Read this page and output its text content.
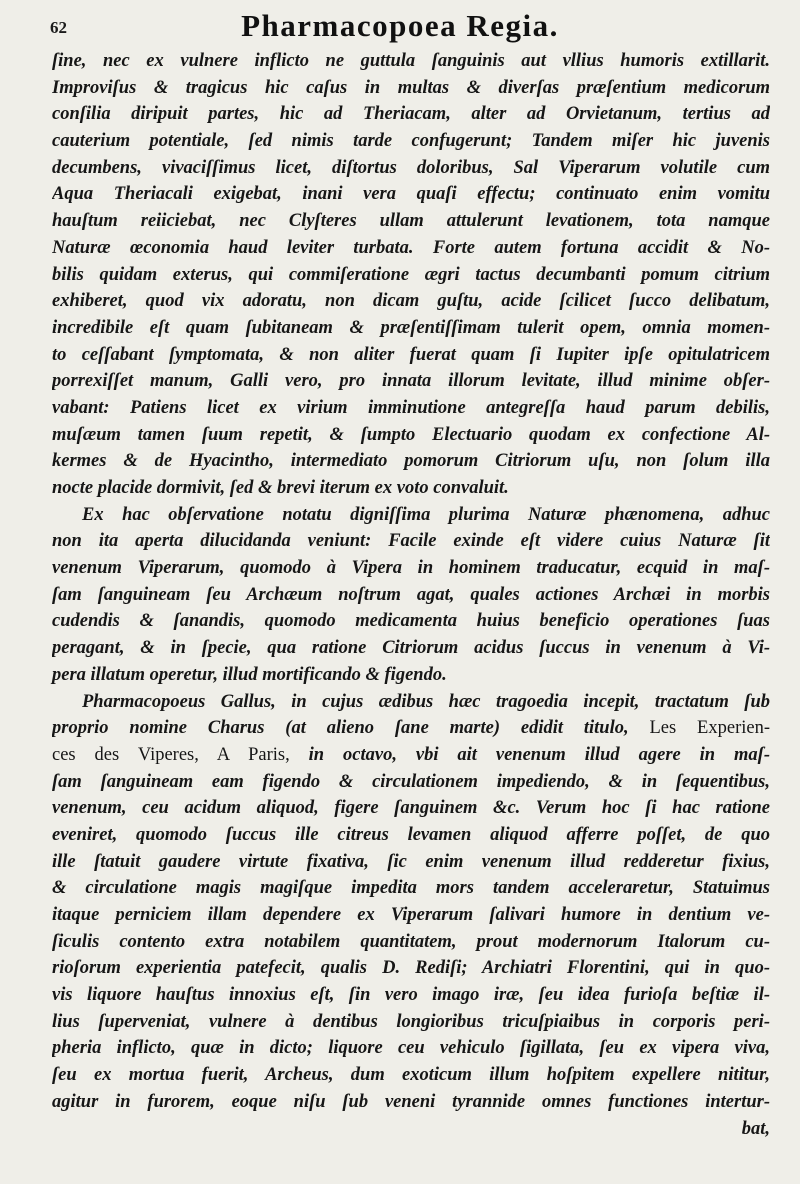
62	Pharmacopoea Regia.
ſine, nec ex vulnere inflicto ne guttula ſanguinis aut vllius humoris extillarit.
Improviſus & tragicus hic caſus in multas & diverſas præſentium medicorum
conſilia diripuit partes, hic ad Theriacam, alter ad Orvietanum, tertius ad
cauterium potentiale, ſed nimis tarde confugerunt; Tandem miſer hic juvenis
decumbens, vivaciſſimus licet, diſtortus doloribus, Sal Viperarum volutile cum
Aqua Theriacali exigebat, inani vera quaſi effectu; continuato enim vomitu
hauſtum reiiciebat, nec Clyſteres ullam attulerunt levationem, tota namque
Naturæ œconomia haud leviter turbata. Forte autem fortuna accidit & No-
bilis quidam exterus, qui commiſeratione ægri tactus decumbanti pomum citrium
exhiberet, quod vix adoratu, non dicam guſtu, acide ſcilicet ſucco delibatum,
incredibile eſt quam ſubitaneam & præſentiſſimam tulerit opem, omnia momen-
to ceſſabant ſymptomata, & non aliter fuerat quam ſi Iupiter ipſe opitulatricem
porrexiſſet manum, Galli vero, pro innata illorum levitate, illud minime obſer-
vabant: Patiens licet ex virium imminutione antegreſſa haud parum debilis,
muſæum tamen ſuum repetit, & ſumpto Electuario quodam ex confectione Al-
kermes & de Hyacintho, intermediato pomorum Citriorum uſu, non ſolum illa
nocte placide dormivit, ſed & brevi iterum ex voto convaluit.
Ex hac obſervatione notatu digniſſima plurima Naturæ phænomena, adhuc
non ita aperta dilucidanda veniunt: Facile exinde eſt videre cuius Naturæ ſit
venenum Viperarum, quomodo à Vipera in hominem traducatur, ecquid in maſ-
ſam ſanguineam ſeu Archæum noſtrum agat, quales actiones Archæi in morbis
cudendis & ſanandis, quomodo medicamenta huius beneficio operationes ſuas
peragant, & in ſpecie, qua ratione Citriorum acidus ſuccus in venenum à Vi-
pera illatum operetur, illud mortificando & figendo.
Pharmacopoeus Gallus, in cujus ædibus hæc tragoedia incepit, tractatum ſub
proprio nomine Charus (at alieno ſane marte) edidit titulo, Les Experien-
ces des Viperes, A Paris, in octavo, vbi ait venenum illud agere in maſ-
ſam ſanguineam eam figendo & circulationem impediendo, & in ſequentibus,
venenum, ceu acidum aliquod, figere ſanguinem &c. Verum hoc ſi hac ratione
eveniret, quomodo ſuccus ille citreus levamen aliquod afferre poſſet, de quo
ille ſtatuit gaudere virtute fixativa, ſic enim venenum illud redderetur fixius,
& circulatione magis magiſque impedita mors tandem acceleraretur, Statuimus
itaque perniciem illam dependere ex Viperarum ſalivari humore in dentium ve-
ſiculis contento extra notabilem quantitatem, prout modernorum Italorum cu-
rioſorum experientia patefecit, qualis D. Rediſi; Archiatri Florentini, qui in quo-
vis liquore hauſtus innoxius eſt, ſin vero imago iræ, ſeu idea furioſa beſtiæ il-
lius ſuperveniat, vulnere à dentibus longioribus tricuſpiaibus in corporis peri-
pheria inflicto, quæ in dicto; liquore ceu vehiculo ſigillata, ſeu ex vipera viva,
ſeu ex mortua fuerit, Archeus, dum exoticum illum hoſpitem expellere nititur,
agitur in furorem, eoque niſu ſub veneni tyrannide omnes functiones intertur-
bat,
